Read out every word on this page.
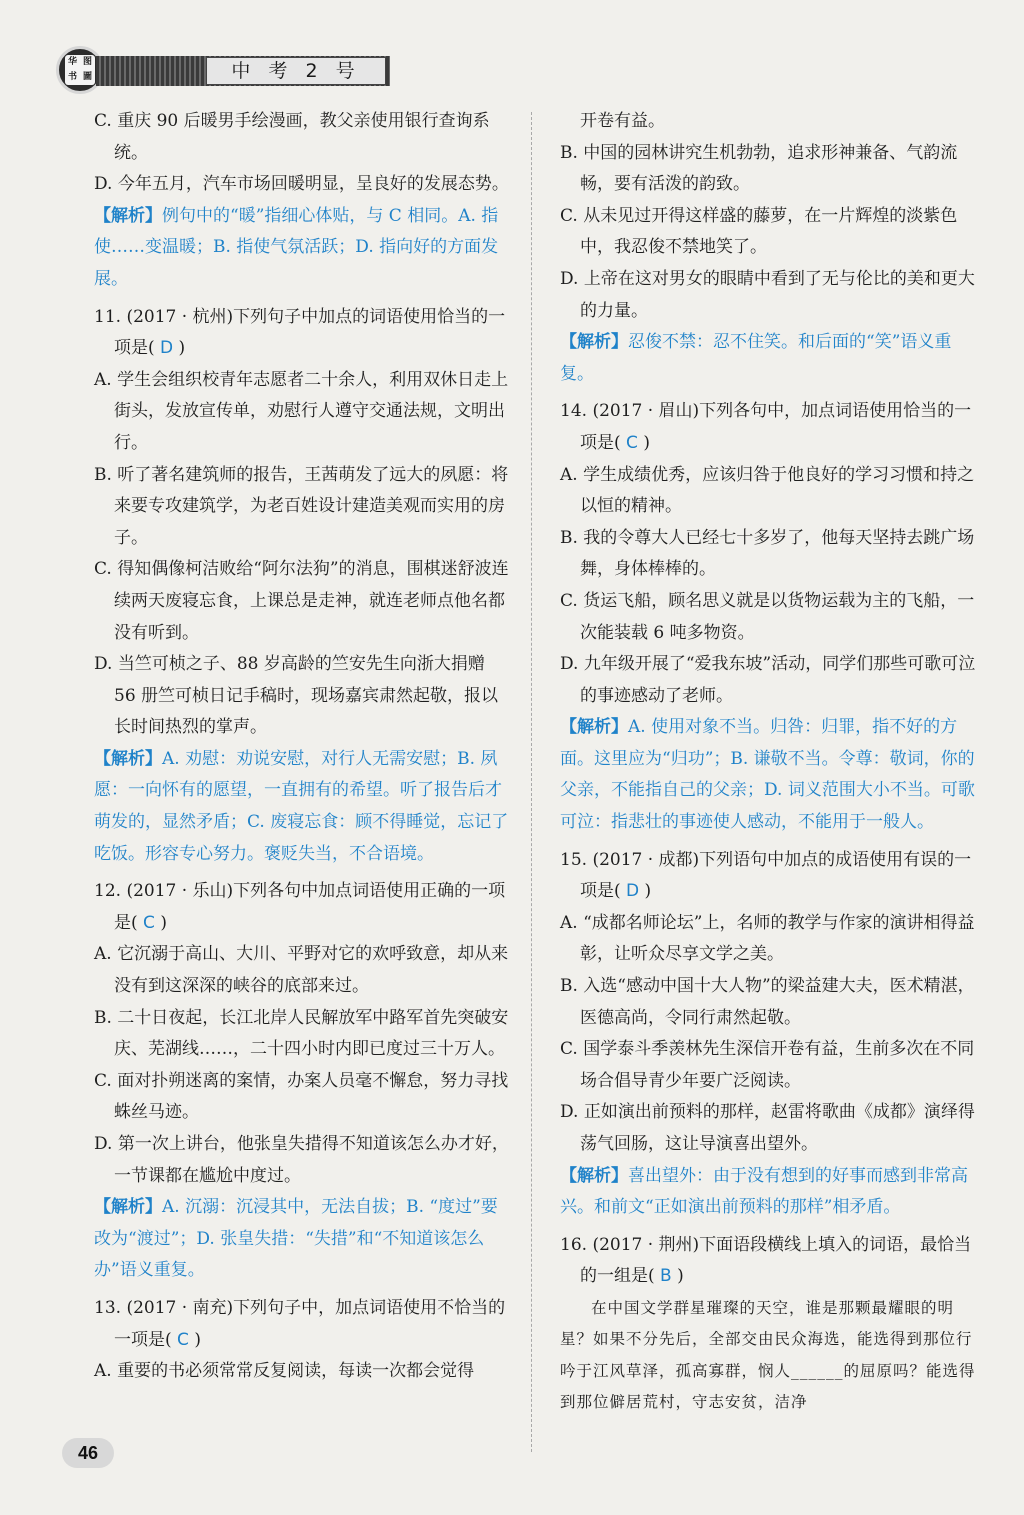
华 图
书 圖	中 考 2 号
C. 重庆 90 后暖男手绘漫画，教父亲使用银行查询系统。
D. 今年五月，汽车市场回暖明显，呈良好的发展态势。
【解析】例句中的“暖”指细心体贴，与 C 相同。A. 指使……变温暖；B. 指使气氛活跃；D. 指向好的方面发展。
11. (2017 · 杭州)下列句子中加点的词语使用恰当的一项是( D )
A. 学生会组织校青年志愿者二十余人，利用双休日走上街头，发放宣传单，劝慰行人遵守交通法规，文明出行。
B. 听了著名建筑师的报告，王茜萌发了远大的夙愿：将来要专攻建筑学，为老百姓设计建造美观而实用的房子。
C. 得知偶像柯洁败给“阿尔法狗”的消息，围棋迷舒波连续两天废寝忘食，上课总是走神，就连老师点他名都没有听到。
D. 当竺可桢之子、88 岁高龄的竺安先生向浙大捐赠 56 册竺可桢日记手稿时，现场嘉宾肃然起敬，报以长时间热烈的掌声。
【解析】A. 劝慰：劝说安慰，对行人无需安慰；B. 夙愿：一向怀有的愿望，一直拥有的希望。听了报告后才萌发的，显然矛盾；C. 废寝忘食：顾不得睡觉，忘记了吃饭。形容专心努力。褒贬失当，不合语境。
12. (2017 · 乐山)下列各句中加点词语使用正确的一项是( C )
A. 它沉溺于高山、大川、平野对它的欢呼致意，却从来没有到这深深的峡谷的底部来过。
B. 二十日夜起，长江北岸人民解放军中路军首先突破安庆、芜湖线……，二十四小时内即已度过三十万人。
C. 面对扑朔迷离的案情，办案人员毫不懈怠，努力寻找蛛丝马迹。
D. 第一次上讲台，他张皇失措得不知道该怎么办才好，一节课都在尴尬中度过。
【解析】A. 沉溺：沉浸其中，无法自拔；B. “度过”要改为“渡过”；D. 张皇失措：“失措”和“不知道该怎么办”语义重复。
13. (2017 · 南充)下列句子中，加点词语使用不恰当的一项是( C )
A. 重要的书必须常常反复阅读，每读一次都会觉得
开卷有益。
B. 中国的园林讲究生机勃勃，追求形神兼备、气韵流畅，要有活泼的韵致。
C. 从未见过开得这样盛的藤萝，在一片辉煌的淡紫色中，我忍俊不禁地笑了。
D. 上帝在这对男女的眼睛中看到了无与伦比的美和更大的力量。
【解析】忍俊不禁：忍不住笑。和后面的“笑”语义重复。
14. (2017 · 眉山)下列各句中，加点词语使用恰当的一项是( C )
A. 学生成绩优秀，应该归咎于他良好的学习习惯和持之以恒的精神。
B. 我的令尊大人已经七十多岁了，他每天坚持去跳广场舞，身体棒棒的。
C. 货运飞船，顾名思义就是以货物运载为主的飞船，一次能装载 6 吨多物资。
D. 九年级开展了“爱我东坡”活动，同学们那些可歌可泣的事迹感动了老师。
【解析】A. 使用对象不当。归咎：归罪，指不好的方面。这里应为“归功”；B. 谦敬不当。令尊：敬词，你的父亲，不能指自己的父亲；D. 词义范围大小不当。可歌可泣：指悲壮的事迹使人感动，不能用于一般人。
15. (2017 · 成都)下列语句中加点的成语使用有误的一项是( D )
A. “成都名师论坛”上，名师的教学与作家的演讲相得益彰，让听众尽享文学之美。
B. 入选“感动中国十大人物”的梁益建大夫，医术精湛，医德高尚，令同行肃然起敬。
C. 国学泰斗季羡林先生深信开卷有益，生前多次在不同场合倡导青少年要广泛阅读。
D. 正如演出前预料的那样，赵雷将歌曲《成都》演绎得荡气回肠，这让导演喜出望外。
【解析】喜出望外：由于没有想到的好事而感到非常高兴。和前文“正如演出前预料的那样”相矛盾。
16. (2017 · 荆州)下面语段横线上填入的词语，最恰当的一组是( B )
在中国文学群星璀璨的天空，谁是那颗最耀眼的明星？如果不分先后，全部交由民众海选，能选得到那位行吟于江风草泽，孤高寡群，悯人______的屈原吗？能选得到那位僻居荒村，守志安贫，洁净
46
